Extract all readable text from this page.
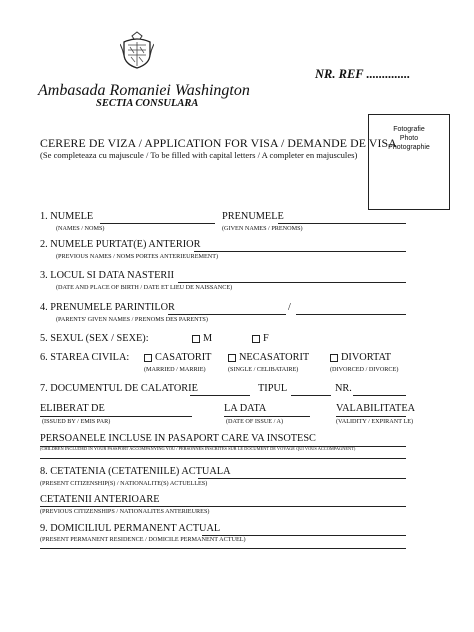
Ambasada Romaniei Washington
SECTIA CONSULARA
NR. REF ..............
Fotografie
Photo
Photographie
CERERE DE VIZA / APPLICATION FOR VISA / DEMANDE DE VISA
(Se completeaza cu majuscule / To be filled with capital letters / A completer en majuscules)
1. NUMELE
(NAMES / NOMS)
PRENUMELE
(GIVEN NAMES / PRENOMS)
2. NUMELE PURTAT(E) ANTERIOR
(PREVIOUS NAMES / NOMS PORTES ANTERIEUREMENT)
3. LOCUL SI DATA NASTERII
(DATE AND PLACE OF BIRTH / DATE ET LIEU DE NAISSANCE)
4. PRENUMELE PARINTILOR	/
(PARENTS' GIVEN NAMES / PRENOMS DES PARENTS)
5. SEXUL (SEX / SEXE):	M	F
6. STAREA CIVILA: CASATORIT
(MARRIED / MARRIE)
NECASATORIT
(SINGLE / CELIBATAIRE)
DIVORTAT
(DIVORCED / DIVORCE)
7. DOCUMENTUL DE CALATORIE	TIPUL	NR.
ELIBERAT DE
(ISSUED BY / EMIS PAR)
LA DATA
(DATE OF ISSUE / A)
VALABILITATEA
(VALIDITY / EXPIRANT LE)
PERSOANELE INCLUSE IN PASAPORT CARE VA INSOTESC
(CHILDREN INCLUDED IN YOUR PASSPORT ACCOMPANYING YOU / PERSONNES INSCRITES SUR LE DOCUMENT DE VOYAGE QUI VOUS ACCOMPAGNENT)
8. CETATENIA (CETATENIILE) ACTUALA
(PRESENT CITIZENSHIP(S) / NATIONALITE(S) ACTUELLES)
CETATENII ANTERIOARE
(PREVIOUS CITIZENSHIPS / NATIONALITES ANTERIEURES)
9. DOMICILIUL PERMANENT ACTUAL
(PRESENT PERMANENT RESIDENCE / DOMICILE PERMANENT ACTUEL)
